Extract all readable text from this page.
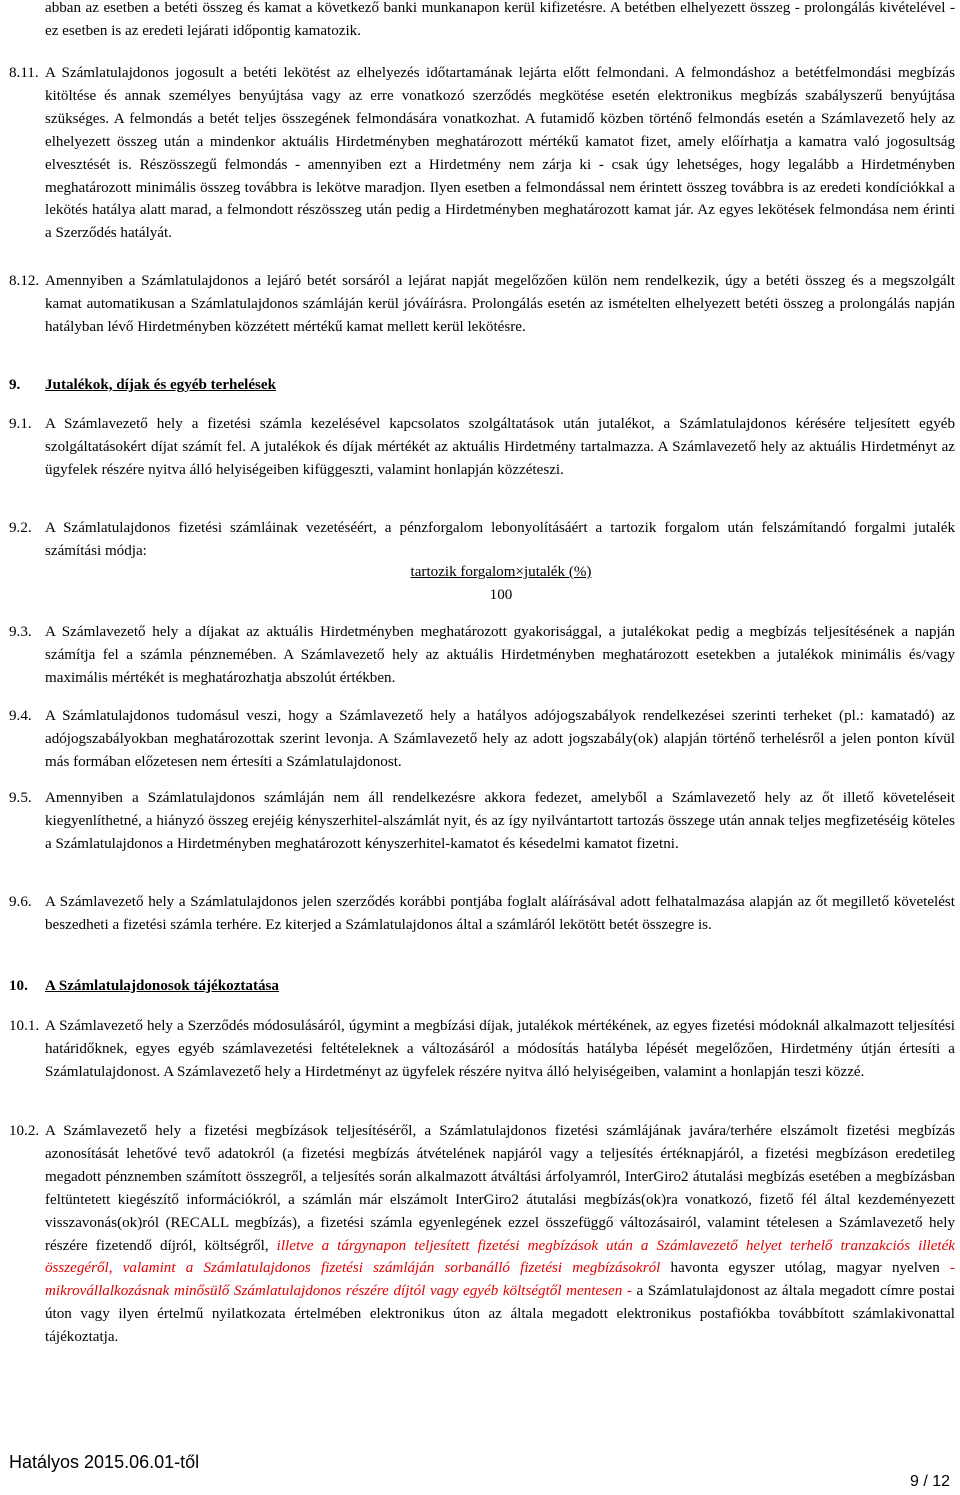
abban az esetben a betéti összeg és kamat a következő banki munkanapon kerül kifizetésre. A betétben elhelyezett összeg - prolongálás kivételével - ez esetben is az eredeti lejárati időpontig kamatozik.
8.11. A Számlatulajdonos jogosult a betéti lekötést az elhelyezés időtartamának lejárta előtt felmondani. A felmondáshoz a betétfelmondási megbízás kitöltése és annak személyes benyújtása vagy az erre vonatkozó szerződés megkötése esetén elektronikus megbízás szabályszerű benyújtása szükséges. A felmondás a betét teljes összegének felmondására vonatkozhat. A futamidő közben történő felmondás esetén a Számlavezető hely az elhelyezett összeg után a mindenkor aktuális Hirdetményben meghatározott mértékű kamatot fizet, amely előírhatja a kamatra való jogosultság elvesztését is. Részösszegű felmondás - amennyiben ezt a Hirdetmény nem zárja ki - csak úgy lehetséges, hogy legalább a Hirdetményben meghatározott minimális összeg továbbra is lekötve maradjon. Ilyen esetben a felmondással nem érintett összeg továbbra is az eredeti kondíciókkal a lekötés hatálya alatt marad, a felmondott részösszeg után pedig a Hirdetményben meghatározott kamat jár. Az egyes lekötések felmondása nem érinti a Szerződés hatályát.
8.12. Amennyiben a Számlatulajdonos a lejáró betét sorsáról a lejárat napját megelőzően külön nem rendelkezik, úgy a betéti összeg és a megszolgált kamat automatikusan a Számlatulajdonos számláján kerül jóváírásra. Prolongálás esetén az ismételten elhelyezett betéti összeg a prolongálás napján hatályban lévő Hirdetményben közzétett mértékű kamat mellett kerül lekötésre.
9. Jutalékok, díjak és egyéb terhelések
9.1. A Számlavezető hely a fizetési számla kezelésével kapcsolatos szolgáltatások után jutalékot, a Számlatulajdonos kérésére teljesített egyéb szolgáltatásokért díjat számít fel. A jutalékok és díjak mértékét az aktuális Hirdetmény tartalmazza. A Számlavezető hely az aktuális Hirdetményt az ügyfelek részére nyitva álló helyiségeiben kifüggeszti, valamint honlapján közzéteszi.
9.2. A Számlatulajdonos fizetési számláinak vezetéséért, a pénzforgalom lebonyolításáért a tartozik forgalom után felszámítandó forgalmi jutalék számítási módja:
tartozik forgalom×jutalék (%)
100
9.3. A Számlavezető hely a díjakat az aktuális Hirdetményben meghatározott gyakorisággal, a jutalékokat pedig a megbízás teljesítésének a napján számítja fel a számla pénznemében. A Számlavezető hely az aktuális Hirdetményben meghatározott esetekben a jutalékok minimális és/vagy maximális mértékét is meghatározhatja abszolút értékben.
9.4. A Számlatulajdonos tudomásul veszi, hogy a Számlavezető hely a hatályos adójogszabályok rendelkezései szerinti terheket (pl.: kamatadó) az adójogszabályokban meghatározottak szerint levonja. A Számlavezető hely az adott jogszabály(ok) alapján történő terhelésről a jelen ponton kívül más formában előzetesen nem értesíti a Számlatulajdonost.
9.5. Amennyiben a Számlatulajdonos számláján nem áll rendelkezésre akkora fedezet, amelyből a Számlavezető hely az őt illető követeléseit kiegyenlíthetné, a hiányzó összeg erejéig kényszerhitel-alszámlát nyit, és az így nyilvántartott tartozás összege után annak teljes megfizetéséig köteles a Számlatulajdonos a Hirdetményben meghatározott kényszerhitel-kamatot és késedelmi kamatot fizetni.
9.6. A Számlavezető hely a Számlatulajdonos jelen szerződés korábbi pontjába foglalt aláírásával adott felhatalmazása alapján az őt megillető követelést beszedheti a fizetési számla terhére. Ez kiterjed a Számlatulajdonos által a számláról lekötött betét összegre is.
10. A Számlatulajdonosok tájékoztatása
10.1. A Számlavezető hely a Szerződés módosulásáról, úgymint a megbízási díjak, jutalékok mértékének, az egyes fizetési módoknál alkalmazott teljesítési határidőknek, egyes egyéb számlavezetési feltételeknek a változásáról a módosítás hatályba lépését megelőzően, Hirdetmény útján értesíti a Számlatulajdonost. A Számlavezető hely a Hirdetményt az ügyfelek részére nyitva álló helyiségeiben, valamint a honlapján teszi közzé.
10.2. A Számlavezető hely a fizetési megbízások teljesítéséről, a Számlatulajdonos fizetési számlájának javára/terhére elszámolt fizetési megbízás azonosítását lehetővé tevő adatokról (a fizetési megbízás átvételének napjáról vagy a teljesítés értéknapjáról, a fizetési megbízáson eredetileg megadott pénznemben számított összegről, a teljesítés során alkalmazott átváltási árfolyamról, InterGiro2 átutalási megbízás esetében a megbízásban feltüntetett kiegészítő információkról, a számlán már elszámolt InterGiro2 átutalási megbízás(ok)ra vonatkozó, fizető fél által kezdeményezett visszavonás(ok)ról (RECALL megbízás), a fizetési számla egyenlegének ezzel összefüggő változásairól, valamint tételesen a Számlavezető hely részére fizetendő díjról, költségről, illetve a tárgynapon teljesített fizetési megbízások után a Számlavezető helyet terhelő tranzakciós illeték összegéről, valamint a Számlatulajdonos fizetési számláján sorbanálló fizetési megbízásokról havonta egyszer utólag, magyar nyelven - mikrovállalkozásnak minősülő Számlatulajdonos részére díjtól vagy egyéb költségtől mentesen - a Számlatulajdonost az általa megadott címre postai úton vagy ilyen értelmű nyilatkozata értelmében elektronikus úton az általa megadott elektronikus postafiókba továbbított számlakivonattal tájékoztatja.
Hatályos 2015.06.01-től
9 / 12
